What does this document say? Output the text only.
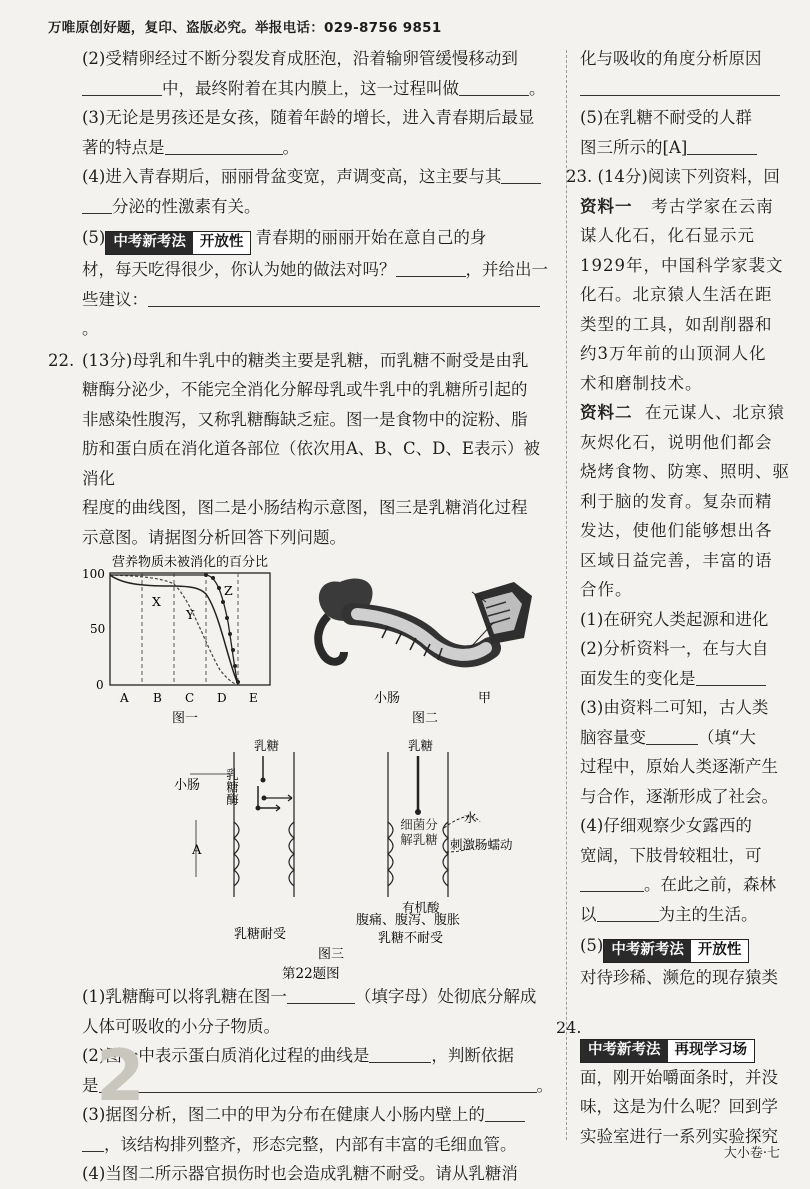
万唯原创好题，复印、盗版必究。举报电话：029-8756 9851
(2)受精卵经过不断分裂发育成胚泡，沿着输卵管缓慢移动到
中，最终附着在其内膜上，这一过程叫做	。
(3)无论是男孩还是女孩，随着年龄的增长，进入青春期后最显
著的特点是	。
(4)进入青春期后，丽丽骨盆变宽，声调变高，这主要与其
分泌的性激素有关。
(5) 中考新考法 开放性 青春期的丽丽开始在意自己的身
材，每天吃得很少，你认为她的做法对吗？	，并给出一
些建议：。
22. (13分)母乳和牛乳中的糖类主要是乳糖，而乳糖不耐受是由乳
糖酶分泌少，不能完全消化分解母乳或牛乳中的乳糖所引起的
非感染性腹泻，又称乳糖酶缺乏症。图一是食物中的淀粉、脂
肪和蛋白质在消化道各部位（依次用A、B、C、D、E表示）被消化
程度的曲线图，图二是小肠结构示意图，图三是乳糖消化过程
示意图。请据图分析回答下列问题。
营养物质未被消化的百分比
100
50
0
X
Y
Z
A B C D E
图一
小肠	甲
图二
乳糖
乳糖酶
小肠
A
乳糖耐受
乳糖
细菌分解乳糖
水
刺激肠蠕动
有机酸
腹痛、腹泻、腹胀
乳糖不耐受
图三
第22题图
(1)乳糖酶可以将乳糖在图一	（填字母）处彻底分解成
人体可吸收的小分子物质。
(2)图一中表示蛋白质消化过程的曲线是	，判断依据
是	。
(3)据图分析，图二中的甲为分布在健康人小肠内壁上的
，该结构排列整齐，形态完整，内部有丰富的毛细血管。
(4)当图二所示器官损伤时也会造成乳糖不耐受。请从乳糖消
2
化与吸收的角度分析原因
(5)在乳糖不耐受的人群
图三所示的[A]
23. (14分)阅读下列资料，回
资料一 考古学家在云南
谋人化石，化石显示元
1929年，中国科学家裴文
化石。北京猿人生活在距
类型的工具，如刮削器和
约3万年前的山顶洞人化
术和磨制技术。
资料二 在元谋人、北京猿
灰烬化石，说明他们都会
烧烤食物、防寒、照明、驱
利于脑的发育。复杂而精
发达，使他们能够想出各
区域日益完善，丰富的语
合作。
(1)在研究人类起源和进化
(2)分析资料一，在与大自
面发生的变化是
(3)由资料二可知，古人类
脑容量变	（填“大
过程中，原始人类逐渐产生
与合作，逐渐形成了社会。
(4)仔细观察少女露西的
宽阔，下肢骨较粗壮，可
。在此之前，森林
以	为主的生活。
(5) 中考新考法 开放性
对待珍稀、濒危的现存猿类
中考新考法 再现学习场
面，刚开始嚼面条时，并没
味，这是为什么呢？回到学
实验室进行一系列实验探究
24.
大小卷·七
